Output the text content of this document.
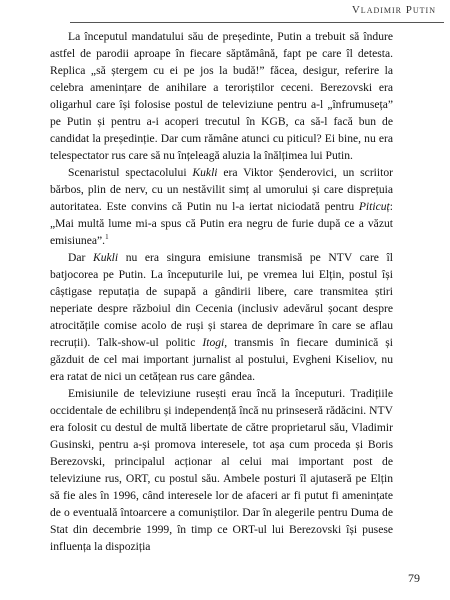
Vladimir Putin

La începutul mandatului său de președinte, Putin a trebuit să îndure astfel de parodii aproape în fiecare săptămână, fapt pe care îl detesta. Replica „să ștergem cu ei pe jos la budă!” făcea, desigur, referire la celebra amenințare de anihilare a teroriștilor ceceni. Berezovski era oligarhul care își folosise postul de televiziune pentru a-l „înfrumuseța” pe Putin și pentru a-i acoperi trecutul în KGB, ca să-l facă bun de candidat la președinție. Dar cum rămâne atunci cu piticul? Ei bine, nu era telespectator rus care să nu înțeleagă aluzia la înălțimea lui Putin.

Scenaristul spectacolului Kukli era Viktor Șenderovici, un scriitor bărbos, plin de nerv, cu un nestăvilit simț al umorului și care disprețuia autoritatea. Este convins că Putin nu l-a iertat niciodată pentru Piticuț: „Mai multă lume mi-a spus că Putin era negru de furie după ce a văzut emisiunea”.$^1$

Dar Kukli nu era singura emisiune transmisă pe NTV care îl batjocorea pe Putin. La începuturile lui, pe vremea lui Elțin, postul își câștigase reputația de supapă a gândirii libere, care transmitea știri neperiate despre războiul din Cecenia (inclusiv adevărul șocant despre atrocitățile comise acolo de ruși și starea de deprimare în care se aflau recruții). Talk-show-ul politic Itogi, transmis în fiecare duminică și găzduit de cel mai important jurnalist al postului, Evgheni Kiseliov, nu era ratat de nici un cetățean rus care gândea.

Emisiunile de televiziune rusești erau încă la începuturi. Tradițiile occidentale de echilibru și independență încă nu prinseseră rădăcini. NTV era folosit cu destul de multă libertate de către proprietarul său, Vladimir Gusinski, pentru a-și promova interesele, tot așa cum proceda și Boris Berezovski, principalul acționar al celui mai important post de televiziune rus, ORT, cu postul său. Ambele posturi îl ajutaseră pe Elțin să fie ales în 1996, când interesele lor de afaceri ar fi putut fi amenințate de o eventuală întoarcere a comuniștilor. Dar în alegerile pentru Duma de Stat din decembrie 1999, în timp ce ORT-ul lui Berezovski își pusese influența la dispoziția

79
